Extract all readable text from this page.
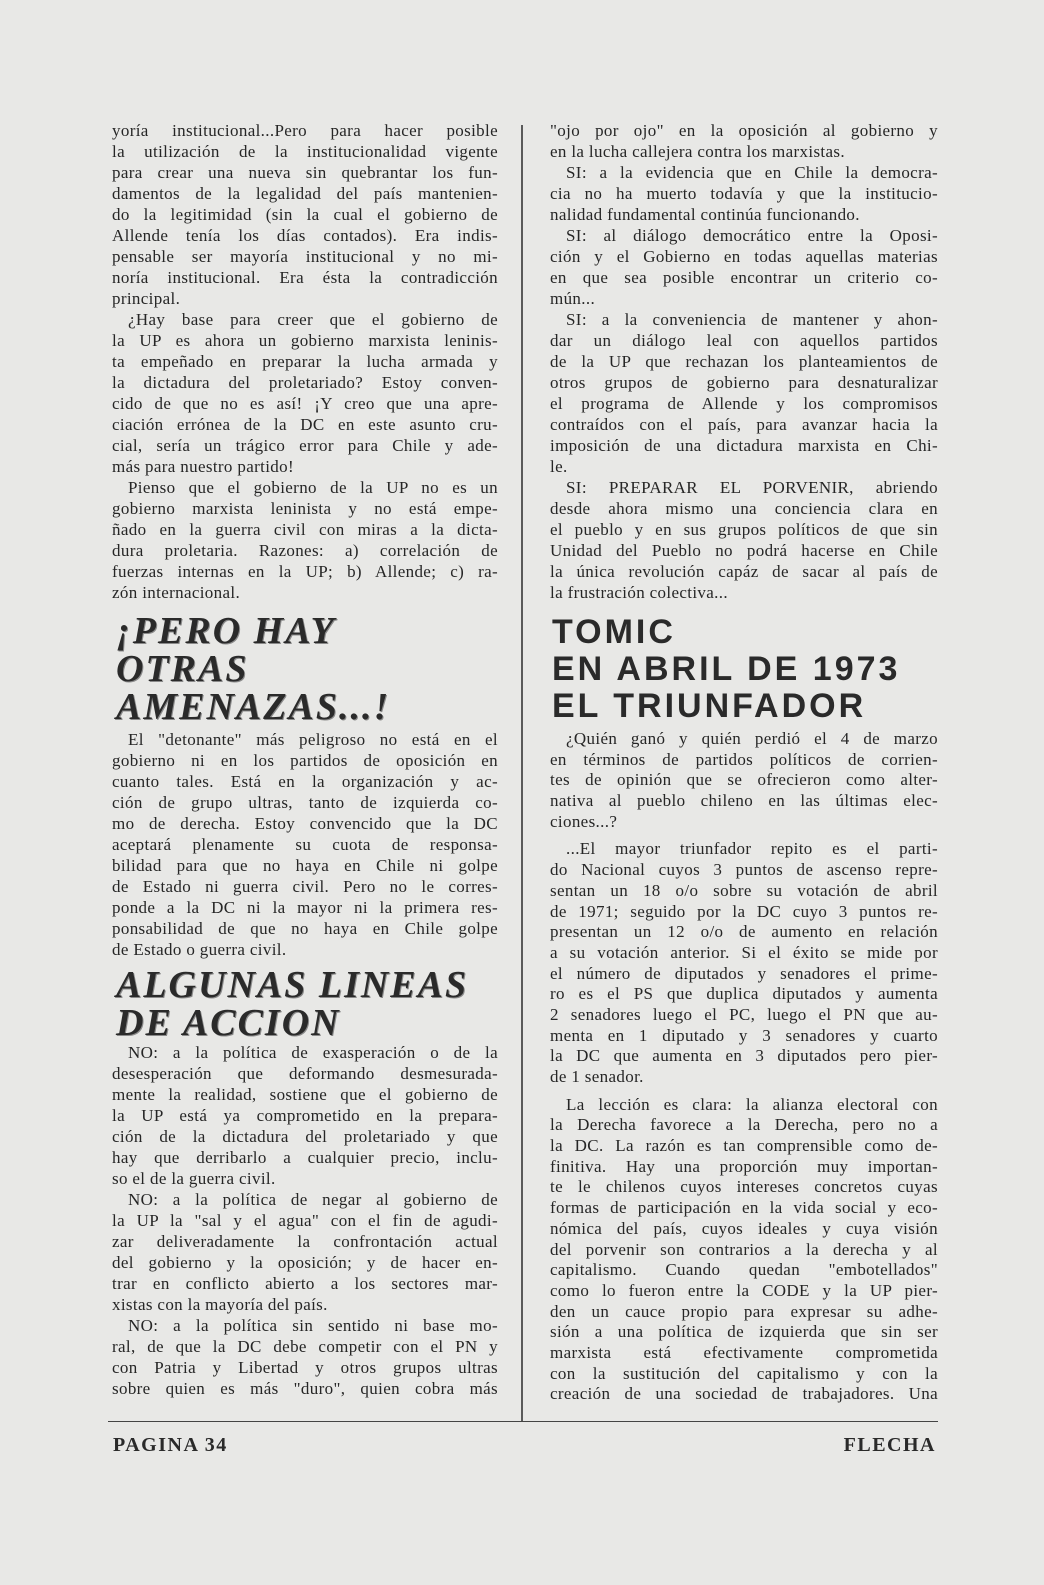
yoría institucional...Pero para hacer posible
la utilización de la institucionalidad vigente
para crear una nueva sin quebrantar los fun-
damentos de la legalidad del país mantenien-
do la legitimidad (sin la cual el gobierno de
Allende tenía los días contados). Era indis-
pensable ser mayoría institucional y no mi-
noría institucional. Era ésta la contradicción
principal.
¿Hay base para creer que el gobierno de
la UP es ahora un gobierno marxista leninis-
ta empeñado en preparar la lucha armada y
la dictadura del proletariado? Estoy conven-
cido de que no es así! ¡Y creo que una apre-
ciación errónea de la DC en este asunto cru-
cial, sería un trágico error para Chile y ade-
más para nuestro partido!
Pienso que el gobierno de la UP no es un
gobierno marxista leninista y no está empe-
ñado en la guerra civil con miras a la dicta-
dura proletaria. Razones: a) correlación de
fuerzas internas en la UP; b) Allende; c) ra-
zón internacional.
¡PERO HAY
OTRAS
AMENAZAS...!
El "detonante" más peligroso no está en el
gobierno ni en los partidos de oposición en
cuanto tales. Está en la organización y ac-
ción de grupo ultras, tanto de izquierda co-
mo de derecha. Estoy convencido que la DC
aceptará plenamente su cuota de responsa-
bilidad para que no haya en Chile ni golpe
de Estado ni guerra civil. Pero no le corres-
ponde a la DC ni la mayor ni la primera res-
ponsabilidad de que no haya en Chile golpe
de Estado o guerra civil.
ALGUNAS LINEAS
DE ACCION
NO: a la política de exasperación o de la
desesperación que deformando desmesurada-
mente la realidad, sostiene que el gobierno de
la UP está ya comprometido en la prepara-
ción de la dictadura del proletariado y que
hay que derribarlo a cualquier precio, inclu-
so el de la guerra civil.
NO: a la política de negar al gobierno de
la UP la "sal y el agua" con el fin de agudi-
zar deliveradamente la confrontación actual
del gobierno y la oposición; y de hacer en-
trar en conflicto abierto a los sectores mar-
xistas con la mayoría del país.
NO: a la política sin sentido ni base mo-
ral, de que la DC debe competir con el PN y
con Patria y Libertad y otros grupos ultras
sobre quien es más "duro", quien cobra más
"ojo por ojo" en la oposición al gobierno y
en la lucha callejera contra los marxistas.
SI: a la evidencia que en Chile la democra-
cia no ha muerto todavía y que la institucio-
nalidad fundamental continúa funcionando.
SI: al diálogo democrático entre la Oposi-
ción y el Gobierno en todas aquellas materias
en que sea posible encontrar un criterio co-
mún...
SI: a la conveniencia de mantener y ahon-
dar un diálogo leal con aquellos partidos
de la UP que rechazan los planteamientos de
otros grupos de gobierno para desnaturalizar
el programa de Allende y los compromisos
contraídos con el país, para avanzar hacia la
imposición de una dictadura marxista en Chi-
le.
SI: PREPARAR EL PORVENIR, abriendo
desde ahora mismo una conciencia clara en
el pueblo y en sus grupos políticos de que sin
Unidad del Pueblo no podrá hacerse en Chile
la única revolución capáz de sacar al país de
la frustración colectiva...
TOMIC
EN ABRIL DE 1973
EL TRIUNFADOR
¿Quién ganó y quién perdió el 4 de marzo
en términos de partidos políticos de corrien-
tes de opinión que se ofrecieron como alter-
nativa al pueblo chileno en las últimas elec-
ciones...?
...El mayor triunfador repito es el parti-
do Nacional cuyos 3 puntos de ascenso repre-
sentan un 18 o/o sobre su votación de abril
de 1971; seguido por la DC cuyo 3 puntos re-
presentan un 12 o/o de aumento en relación
a su votación anterior. Si el éxito se mide por
el número de diputados y senadores el prime-
ro es el PS que duplica diputados y aumenta
2 senadores luego el PC, luego el PN que au-
menta en 1 diputado y 3 senadores y cuarto
la DC que aumenta en 3 diputados pero pier-
de 1 senador.
La lección es clara: la alianza electoral con
la Derecha favorece a la Derecha, pero no a
la DC. La razón es tan comprensible como de-
finitiva. Hay una proporción muy importan-
te le chilenos cuyos intereses concretos cuyas
formas de participación en la vida social y eco-
nómica del país, cuyos ideales y cuya visión
del porvenir son contrarios a la derecha y al
capitalismo. Cuando quedan "embotellados"
como lo fueron entre la CODE y la UP pier-
den un cauce propio para expresar su adhe-
sión a una política de izquierda que sin ser
marxista está efectivamente comprometida
con la sustitución del capitalismo y con la
creación de una sociedad de trabajadores. Una
PAGINA 34	FLECHA
